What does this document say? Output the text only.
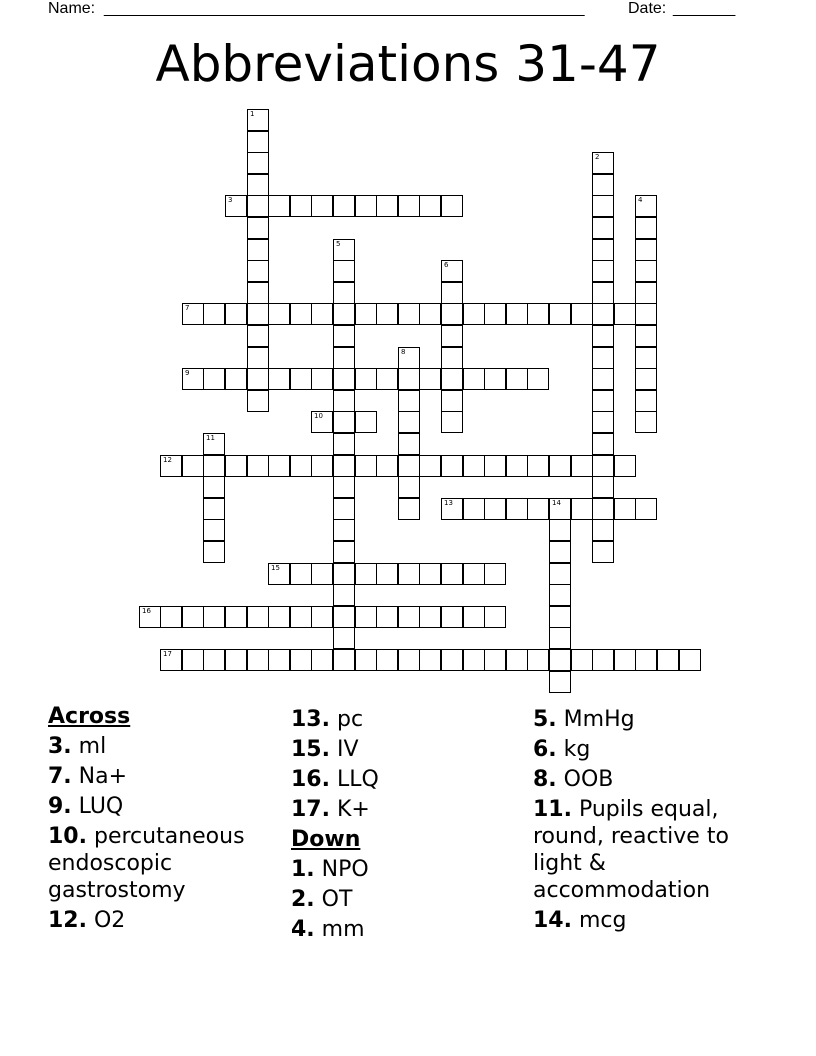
Name: ______________________________________________________	Date: _______
Abbreviations 31-47
3
7
9
10
12
13	14
15
16
17
1
2
4
5
6
8
11
Across
3. ml
7. Na+
9. LUQ
10. percutaneous endoscopic gastrostomy
12. O2
13. pc
15. IV
16. LLQ
17. K+
Down
1. NPO
2. OT
4. mm
5. MmHg
6. kg
8. OOB
11. Pupils equal, round, reactive to light & accommodation
14. mcg
